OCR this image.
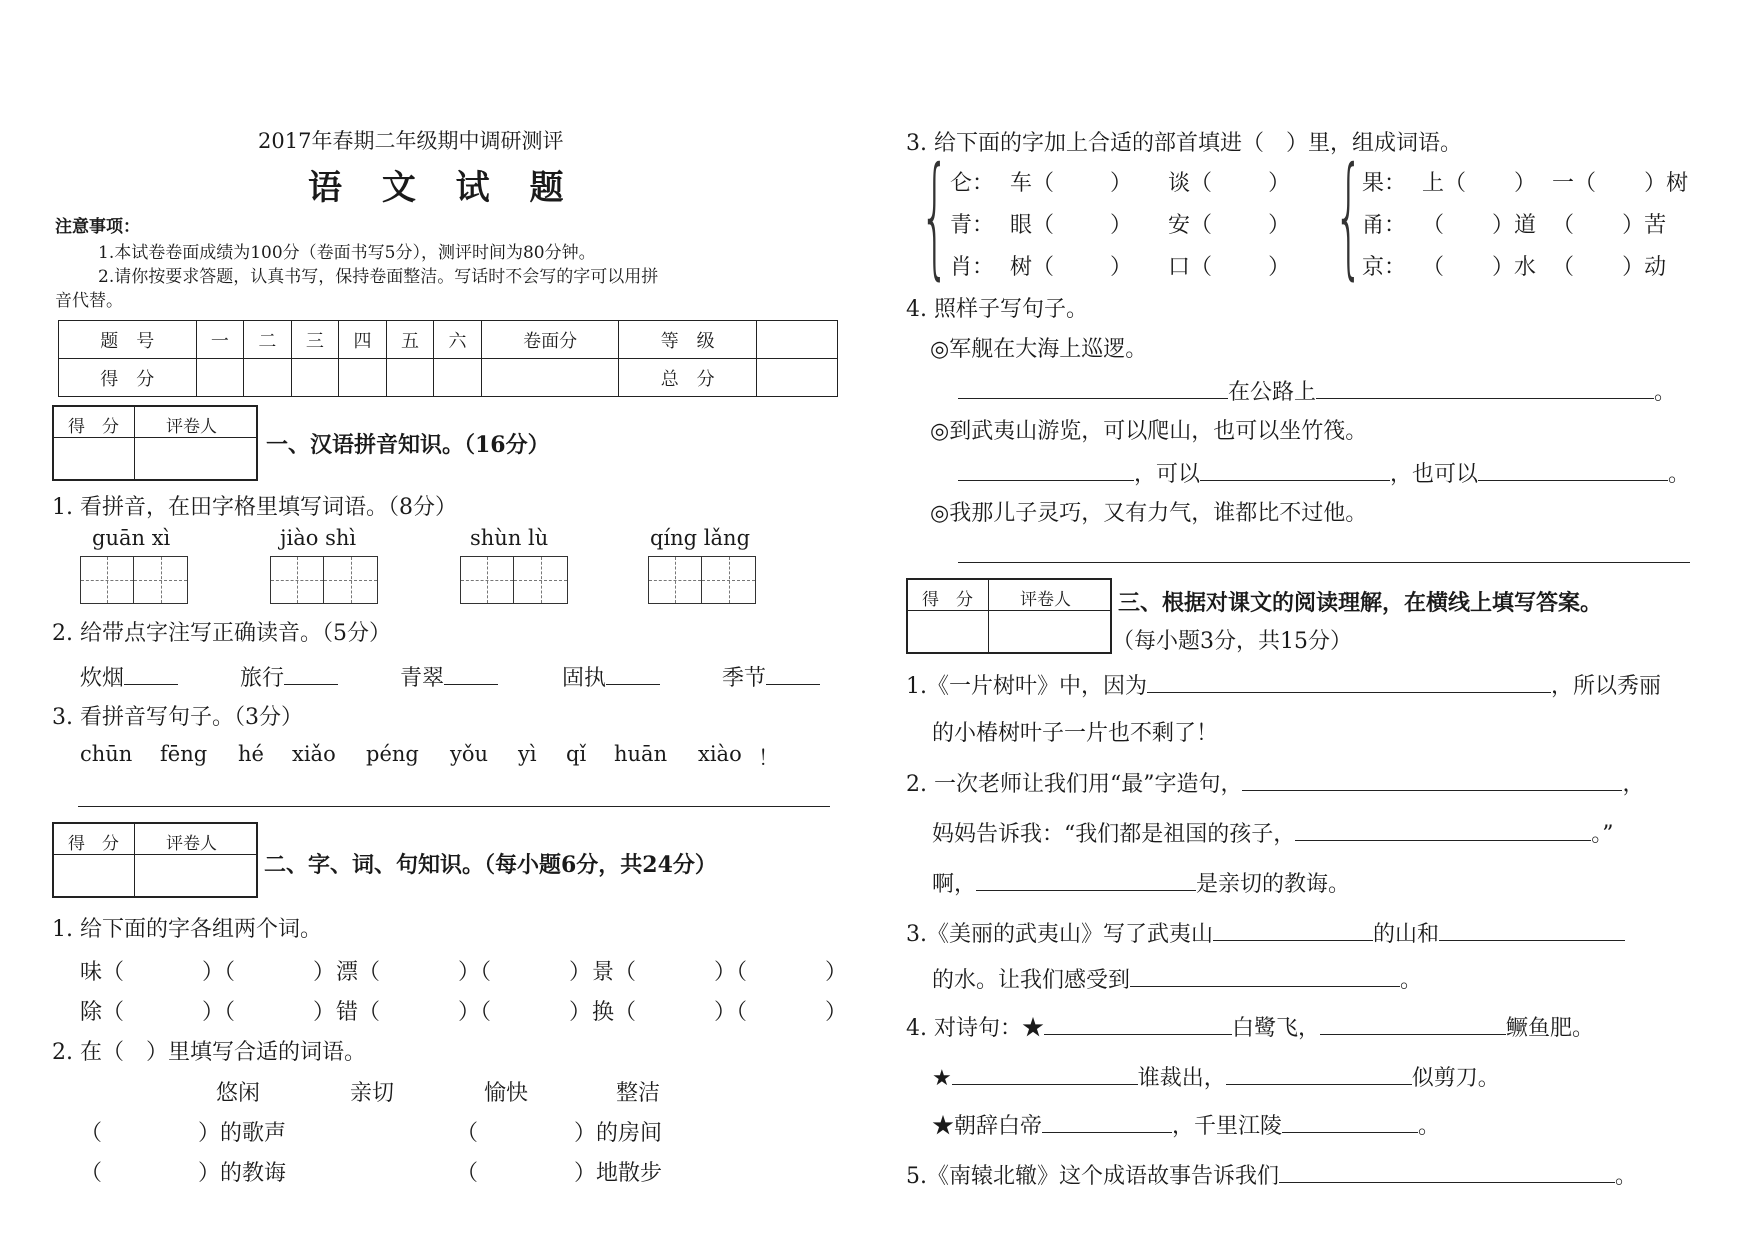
2017年春期二年级期中调研测评
语 文 试 题
注意事项：
1.本试卷卷面成绩为100分（卷面书写5分），测评时间为80分钟。
2.请你按要求答题，认真书写，保持卷面整洁。写话时不会写的字可以用拼
音代替。
题　号	一	二	三	四	五	六	卷面分	等　级	
得　分								总　分	
得　分	评卷人
一、汉语拼音知识。（16分）
1. 看拼音，在田字格里填写词语。（8分）
guān xì	jiào shì	shùn lù	qíng lǎng
2. 给带点字注写正确读音。（5分）
炊烟	旅行	青翠	固执	季节
3. 看拼音写句子。（3分）
chūn fēng hé xiǎo péng yǒu yì qǐ huān xiào ！
得　分	评卷人
二、字、词、句知识。（每小题6分，共24分）
1. 给下面的字各组两个词。
味（	）（	） 漂（	）（	） 景（	）（	）
除（	）（	） 错（	）（	） 换（	）（	）
2. 在（　）里填写合适的词语。
悠闲	亲切	愉快	整洁
（	）的歌声	（	）的房间
（	）的教诲	（	）地散步
3. 给下面的字加上合适的部首填进（　）里，组成词语。
{ 仑： 车（	） 谈（	）
青： 眼（	） 安（	）
肖： 树（	） 口（	） {
果： 上（ ） 一（ ）树
甬： （ ）道 （ ）苦
京： （ ）水 （ ）动
4. 照样子写句子。
◎军舰在大海上巡逻。
在公路上	。
◎到武夷山游览，可以爬山，也可以坐竹筏。
，可以	，也可以	。
◎我那儿子灵巧，又有力气，谁都比不过他。
得　分	评卷人 三、根据对课文的阅读理解，在横线上填写答案。
（每小题3分，共15分）
1.《一片树叶》中，因为	，所以秀丽
的小椿树叶子一片也不剩了！
2. 一次老师让我们用“最”字造句，	，
妈妈告诉我：“我们都是祖国的孩子，	。”
啊，	是亲切的教诲。
3.《美丽的武夷山》写了武夷山	的山和
的水。让我们感受到	。
4. 对诗句：★	白鹭飞，	鳜鱼肥。
★	谁裁出，	似剪刀。
★朝辞白帝	，千里江陵	。
5.《南辕北辙》这个成语故事告诉我们	。
